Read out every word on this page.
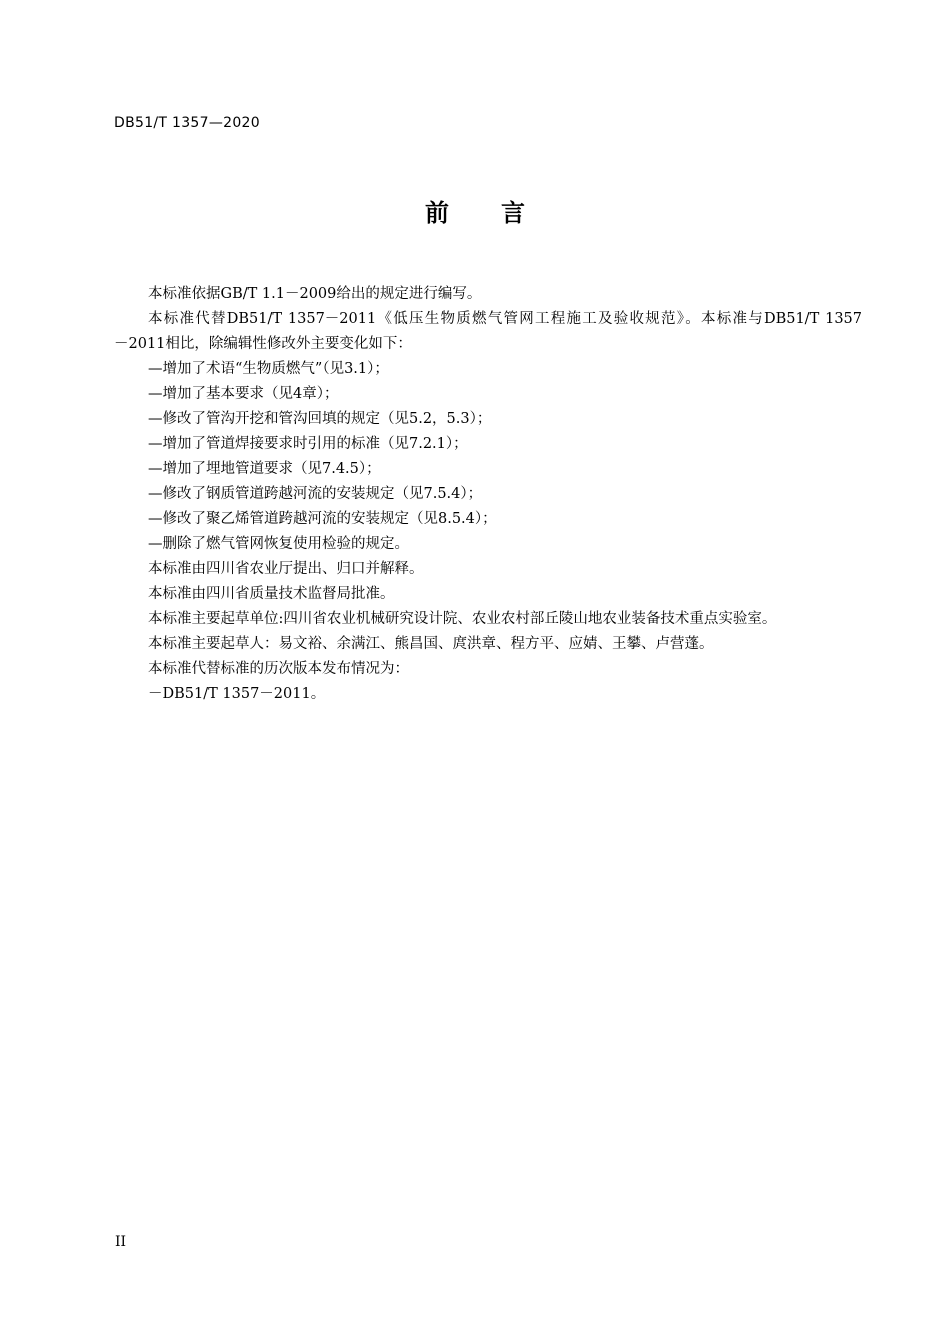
DB51/T 1357—2020
前 言
本标准依据GB/T 1.1－2009给出的规定进行编写。
本标准代替DB51/T 1357－2011《低压生物质燃气管网工程施工及验收规范》。本标准与DB51/T 1357
－2011相比，除编辑性修改外主要变化如下：
—增加了术语“生物质燃气”（见3.1）；
—增加了基本要求（见4章）；
—修改了管沟开挖和管沟回填的规定（见5.2，5.3）；
—增加了管道焊接要求时引用的标准（见7.2.1）；
—增加了埋地管道要求（见7.4.5）；
—修改了钢质管道跨越河流的安装规定（见7.5.4）；
—修改了聚乙烯管道跨越河流的安装规定（见8.5.4）；
—删除了燃气管网恢复使用检验的规定。
本标准由四川省农业厅提出、归口并解释。
本标准由四川省质量技术监督局批准。
本标准主要起草单位:四川省农业机械研究设计院、农业农村部丘陵山地农业装备技术重点实验室。
本标准主要起草人：易文裕、余满江、熊昌国、庹洪章、程方平、应婧、王攀、卢营蓬。
本标准代替标准的历次版本发布情况为：
－DB51/T 1357－2011。
II
